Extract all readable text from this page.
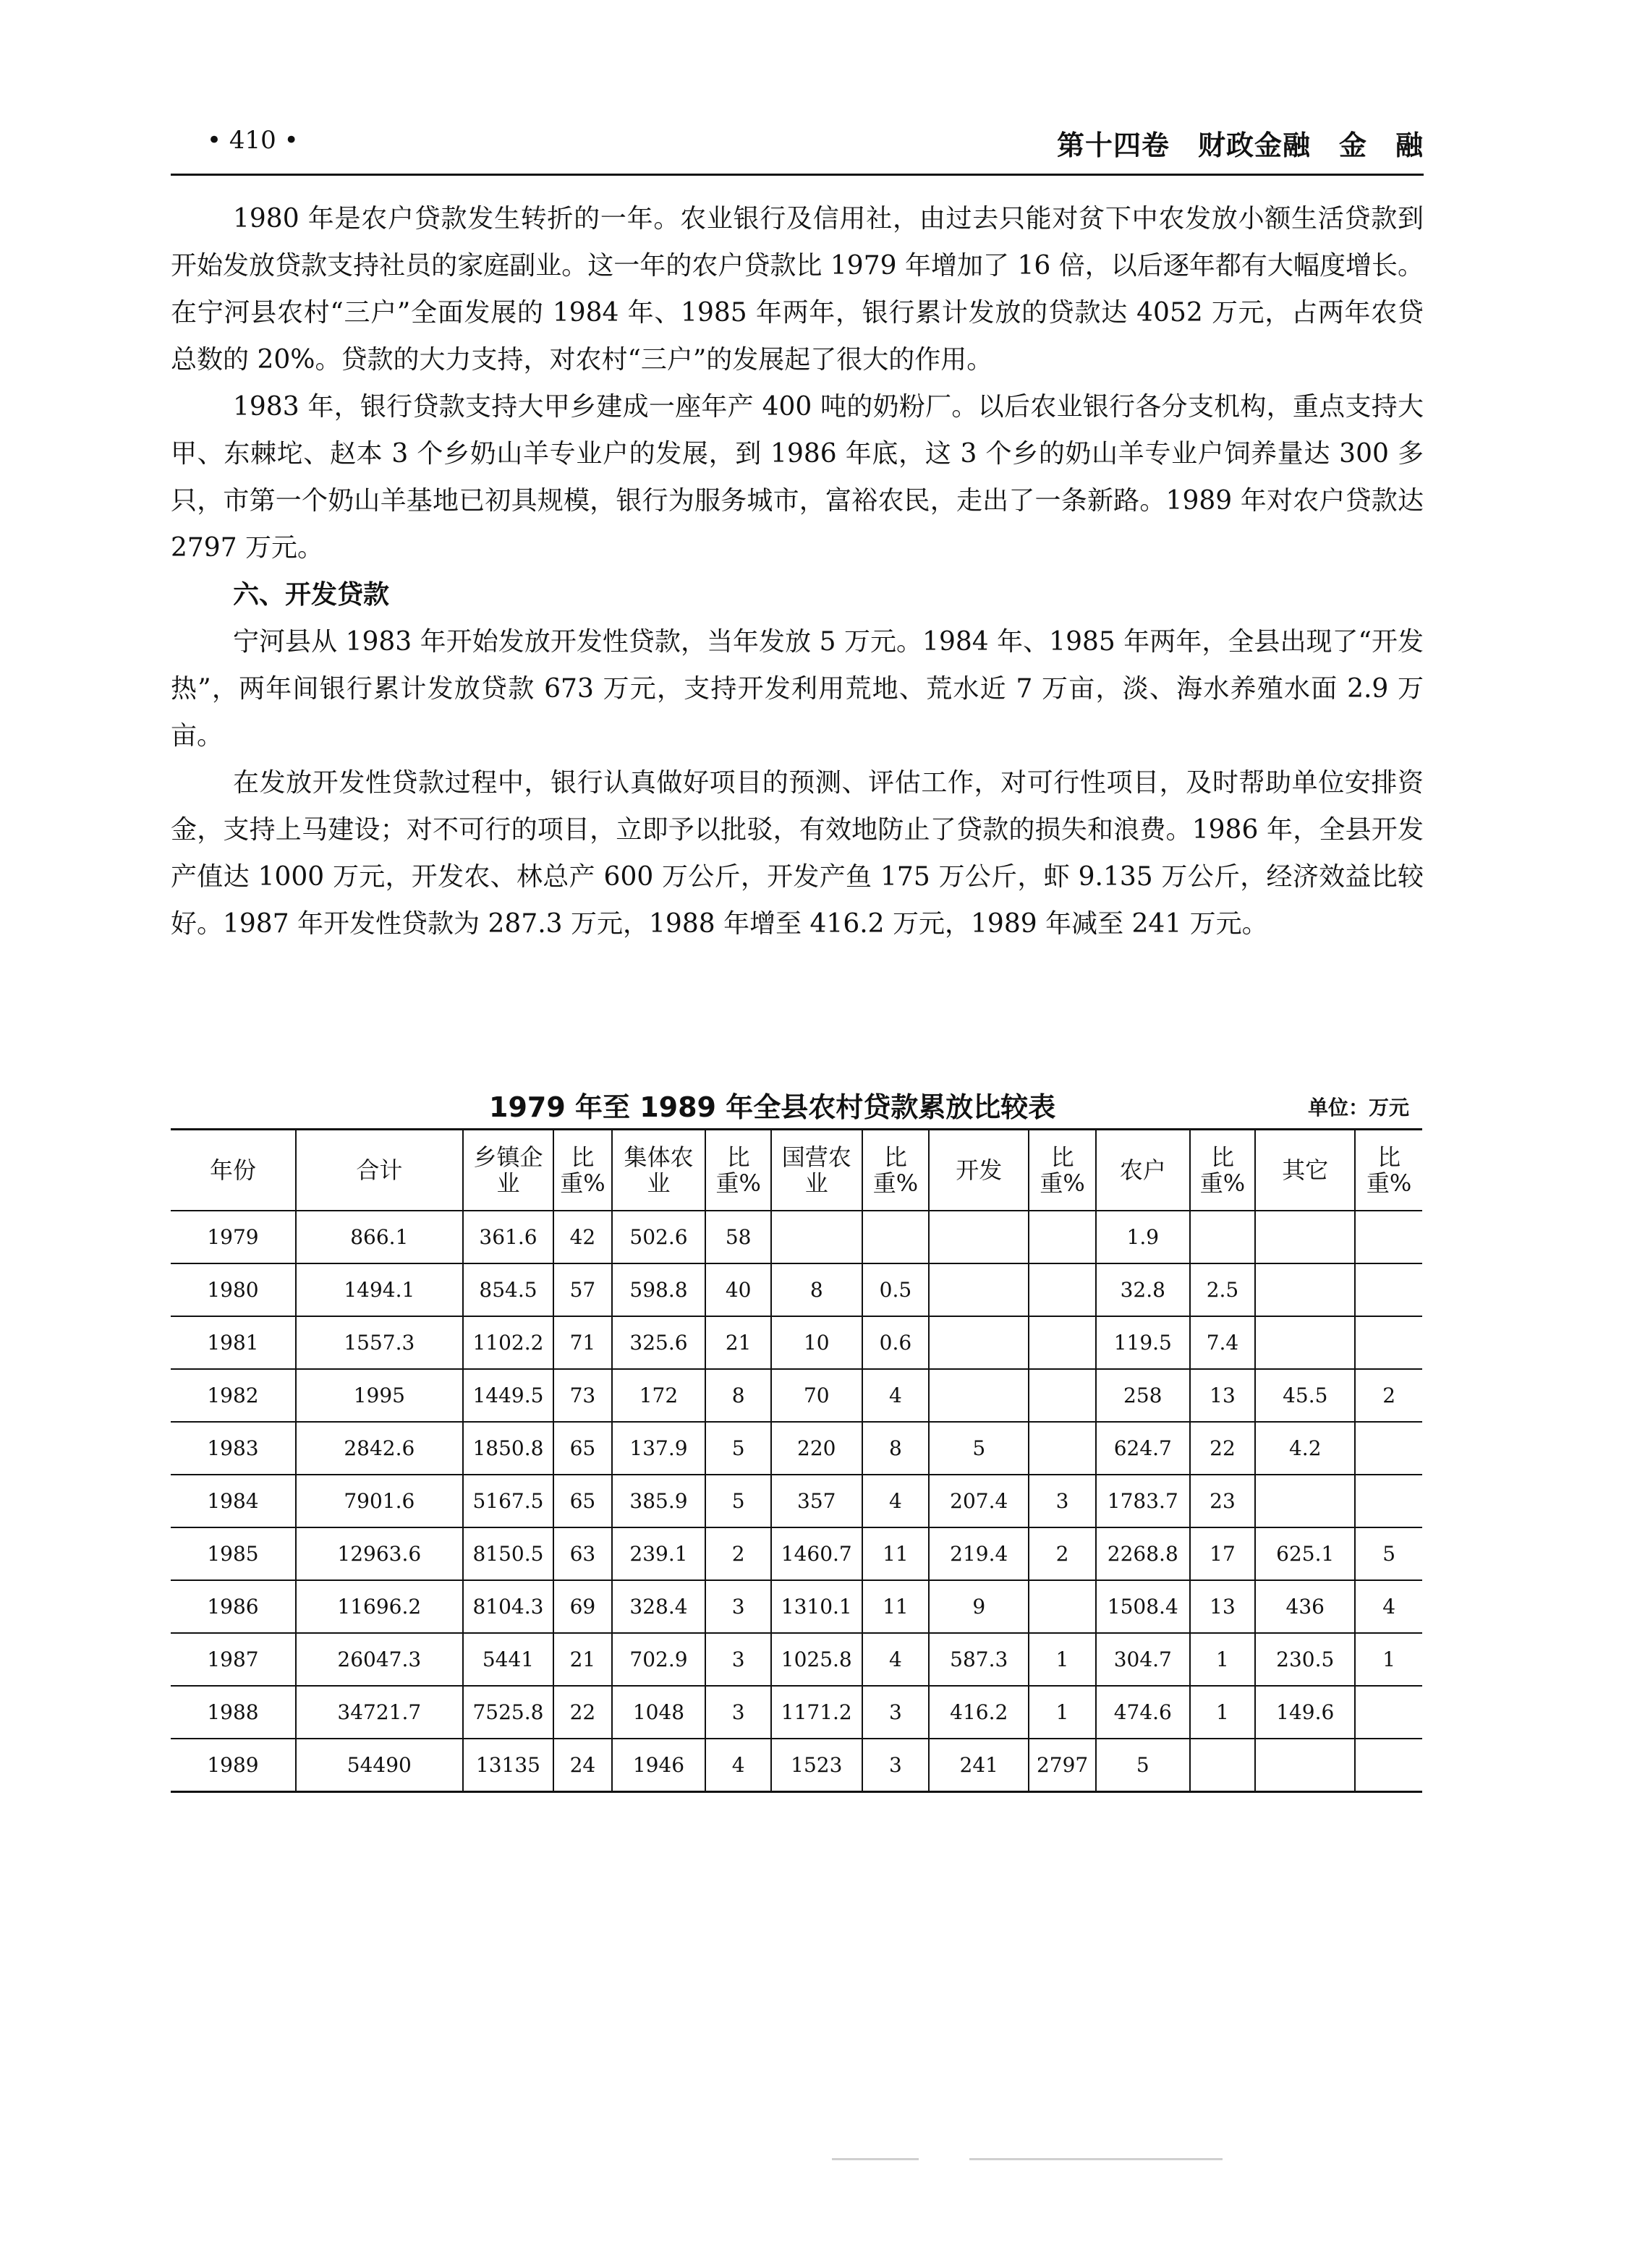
• 410 •	第十四卷　财政金融　金　融

1980 年是农户贷款发生转折的一年。农业银行及信用社，由过去只能对贫下中农发放小额生活贷款到开始发放贷款支持社员的家庭副业。这一年的农户贷款比 1979 年增加了 16 倍，以后逐年都有大幅度增长。在宁河县农村“三户”全面发展的 1984 年、1985 年两年，银行累计发放的贷款达 4052 万元，占两年农贷总数的 20%。贷款的大力支持，对农村“三户”的发展起了很大的作用。

1983 年，银行贷款支持大甲乡建成一座年产 400 吨的奶粉厂。以后农业银行各分支机构，重点支持大甲、东棘坨、赵本 3 个乡奶山羊专业户的发展，到 1986 年底，这 3 个乡的奶山羊专业户饲养量达 300 多只，市第一个奶山羊基地已初具规模，银行为服务城市，富裕农民，走出了一条新路。1989 年对农户贷款达 2797 万元。

六、开发贷款

宁河县从 1983 年开始发放开发性贷款，当年发放 5 万元。1984 年、1985 年两年，全县出现了“开发热”，两年间银行累计发放贷款 673 万元，支持开发利用荒地、荒水近 7 万亩，淡、海水养殖水面 2.9 万亩。

在发放开发性贷款过程中，银行认真做好项目的预测、评估工作，对可行性项目，及时帮助单位安排资金，支持上马建设；对不可行的项目，立即予以批驳，有效地防止了贷款的损失和浪费。1986 年，全县开发产值达 1000 万元，开发农、林总产 600 万公斤，开发产鱼 175 万公斤，虾 9.135 万公斤，经济效益比较好。1987 年开发性贷款为 287.3 万元，1988 年增至 416.2 万元，1989 年减至 241 万元。

1979 年至 1989 年全县农村贷款累放比较表	单位：万元
年份	合计	乡镇企业	比重%	集体农业	比重%	国营农业	比重%	开发	比重%	农户	比重%	其它	比重%
1979	866.1	361.6	42	502.6	58					1.9			
1980	1494.1	854.5	57	598.8	40	8	0.5			32.8	2.5		
1981	1557.3	1102.2	71	325.6	21	10	0.6			119.5	7.4		
1982	1995	1449.5	73	172	8	70	4			258	13	45.5	2
1983	2842.6	1850.8	65	137.9	5	220	8	5		624.7	22	4.2	
1984	7901.6	5167.5	65	385.9	5	357	4	207.4	3	1783.7	23		
1985	12963.6	8150.5	63	239.1	2	1460.7	11	219.4	2	2268.8	17	625.1	5
1986	11696.2	8104.3	69	328.4	3	1310.1	11	9		1508.4	13	436	4
1987	26047.3	5441	21	702.9	3	1025.8	4	587.3	1	304.7	1	230.5	1
1988	34721.7	7525.8	22	1048	3	1171.2	3	416.2	1	474.6	1	149.6	
1989	54490	13135	24	1946	4	1523	3	241	2797	5			
